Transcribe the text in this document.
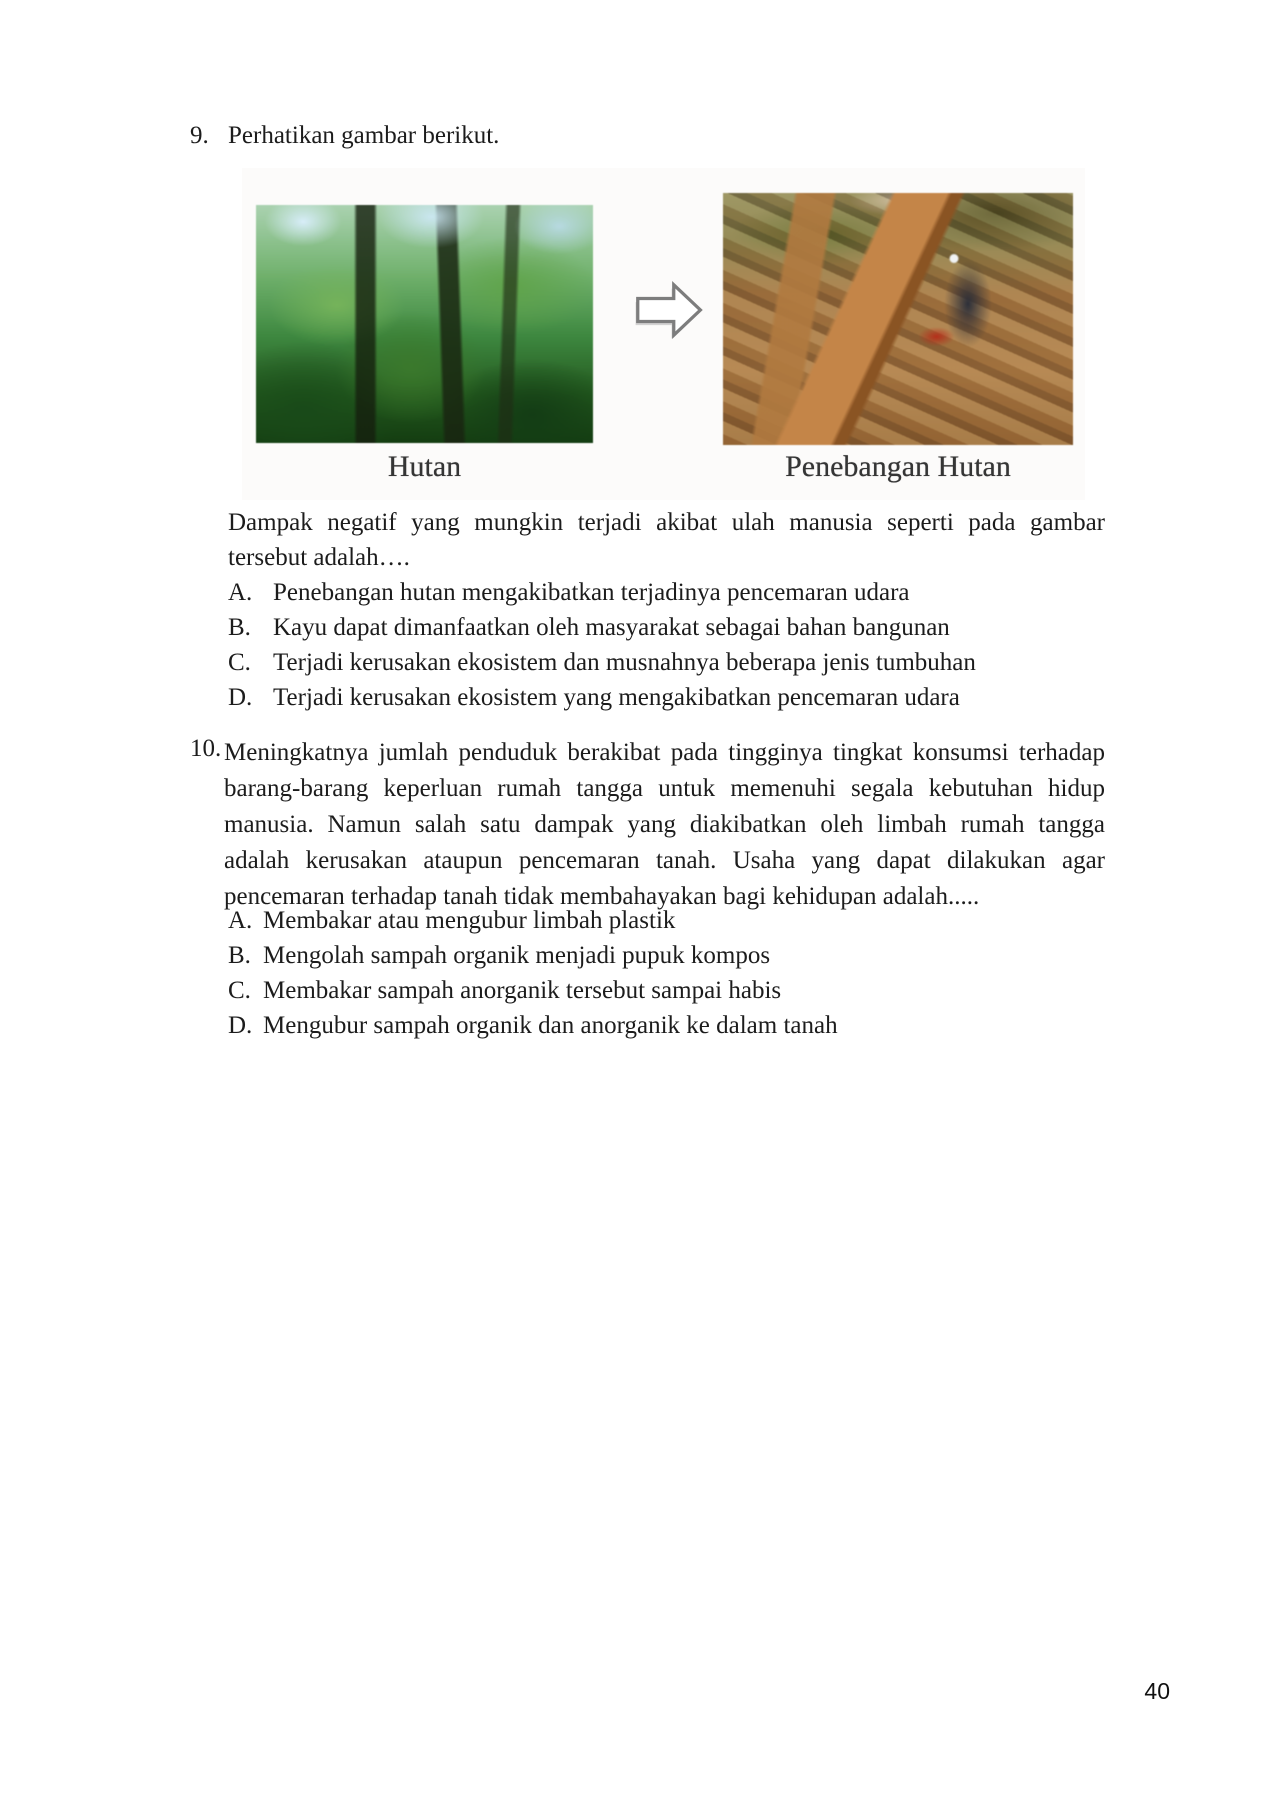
9. Perhatikan gambar berikut.
Hutan	Penebangan Hutan
Dampak negatif yang mungkin terjadi akibat ulah manusia seperti pada gambar
tersebut adalah….
A. Penebangan hutan mengakibatkan terjadinya pencemaran udara
B. Kayu dapat dimanfaatkan oleh masyarakat sebagai bahan bangunan
C. Terjadi kerusakan ekosistem dan musnahnya beberapa jenis tumbuhan
D. Terjadi kerusakan ekosistem yang mengakibatkan pencemaran udara
10. Meningkatnya jumlah penduduk berakibat pada tingginya tingkat konsumsi terhadap
barang-barang keperluan rumah tangga untuk memenuhi segala kebutuhan hidup
manusia. Namun salah satu dampak yang diakibatkan oleh limbah rumah tangga
adalah kerusakan ataupun pencemaran tanah. Usaha yang dapat dilakukan agar
pencemaran terhadap tanah tidak membahayakan bagi kehidupan adalah.....
A. Membakar atau mengubur limbah plastik
B. Mengolah sampah organik menjadi pupuk kompos
C. Membakar sampah anorganik tersebut sampai habis
D. Mengubur sampah organik dan anorganik ke dalam tanah
40
